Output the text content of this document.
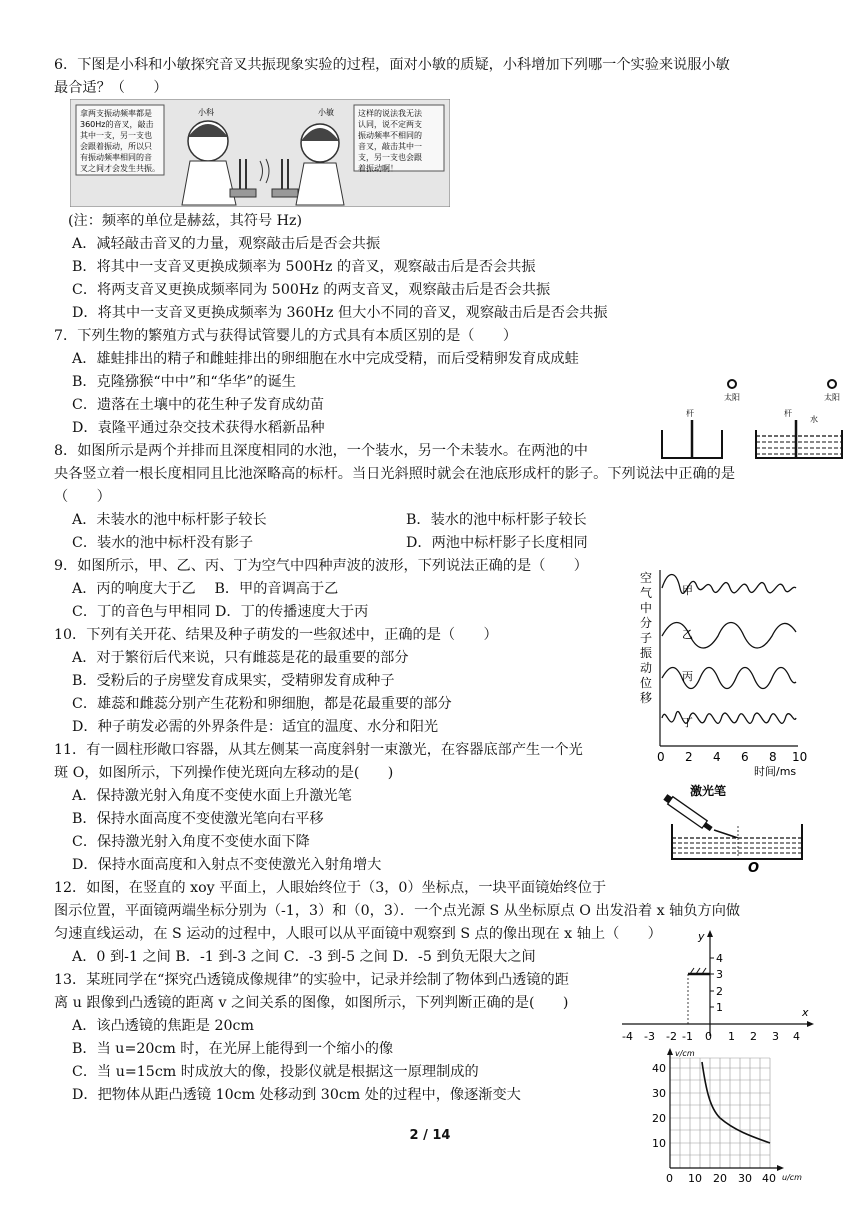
6．下图是小科和小敏探究音叉共振现象实验的过程，面对小敏的质疑，小科增加下列哪一个实验来说服小敏
最合适？（　　）
拿两支振动频率都是
360Hz的音叉，敲击
其中一支，另一支也
会跟着振动，所以只
有振动频率相同的音
叉之间才会发生共振。
小科	小敏	这样的说法我无法
认同，说不定两支
振动频率不相同的
音叉，敲击其中一
支，另一支也会跟
着振动啊！
(注：频率的单位是赫兹，其符号 Hz)
A．减轻敲击音叉的力量，观察敲击后是否会共振
B．将其中一支音叉更换成频率为 500Hz 的音叉，观察敲击后是否会共振
C．将两支音叉更换成频率同为 500Hz 的两支音叉，观察敲击后是否会共振
D．将其中一支音叉更换成频率为 360Hz 但大小不同的音叉，观察敲击后是否会共振
7．下列生物的繁殖方式与获得试管婴儿的方式具有本质区别的是（　　）
A．雄蛙排出的精子和雌蛙排出的卵细胞在水中完成受精，而后受精卵发育成成蛙
B．克隆猕猴“中中”和“华华”的诞生
C．遗落在土壤中的花生种子发育成幼苗
D．袁隆平通过杂交技术获得水稻新品种
太阳	太阳
杆	杆
水
8．如图所示是两个并排而且深度相同的水池，一个装水，另一个未装水。在两池的中
央各竖立着一根长度相同且比池深略高的标杆。当日光斜照时就会在池底形成杆的影子。下列说法中正确的是
（　　）
A．未装水的池中标杆影子较长	B．装水的池中标杆影子较长
C．装水的池中标杆没有影子	D．两池中标杆影子长度相同
9．如图所示，甲、乙、丙、丁为空气中四种声波的波形，下列说法正确的是（　　）
A．丙的响度大于乙　 B．甲的音调高于乙
C．丁的音色与甲相同 D．丁的传播速度大于丙
空
气
中
分
子
振
动
位
移
甲
乙
丙
丁
0 2 4 6 8 10
时间/ms
10．下列有关开花、结果及种子萌发的一些叙述中，正确的是（　　）
A．对于繁衍后代来说，只有雌蕊是花的最重要的部分
B．受粉后的子房壁发育成果实，受精卵发育成种子
C．雄蕊和雌蕊分别产生花粉和卵细胞，都是花最重要的部分
D．种子萌发必需的外界条件是：适宜的温度、水分和阳光
11．有一圆柱形敞口容器，从其左侧某一高度斜射一束激光，在容器底部产生一个光
斑 O，如图所示，下列操作使光斑向左移动的是(　　)
A．保持激光射入角度不变使水面上升激光笔
B．保持水面高度不变使激光笔向右平移
C．保持激光射入角度不变使水面下降
D．保持水面高度和入射点不变使激光入射角增大
激光笔
O
12．如图，在竖直的 xoy 平面上，人眼始终位于（3，0）坐标点，一块平面镜始终位于
图示位置，平面镜两端坐标分别为（-1，3）和（0，3）．一个点光源 S 从坐标原点 O 出发沿着 x 轴负方向做
匀速直线运动，在 S 运动的过程中，人眼可以从平面镜中观察到 S 点的像出现在 x 轴上（　　）
A．0 到-1 之间 B．-1 到-3 之间 C．-3 到-5 之间 D．-5 到负无限大之间
x
y
4
3
2
1
-4 -3 -2 -1 0 1 2 3 4
13．某班同学在“探究凸透镜成像规律”的实验中，记录并绘制了物体到凸透镜的距
离 u 跟像到凸透镜的距离 v 之间关系的图像，如图所示，下列判断正确的是(　　)
A．该凸透镜的焦距是 20cm
B．当 u=20cm 时，在光屏上能得到一个缩小的像
C．当 u=15cm 时成放大的像，投影仪就是根据这一原理制成的
D．把物体从距凸透镜 10cm 处移动到 30cm 处的过程中，像逐渐变大
v/cm
u/cm
40
30
20
10
0 10 20 30 40
2 / 14
